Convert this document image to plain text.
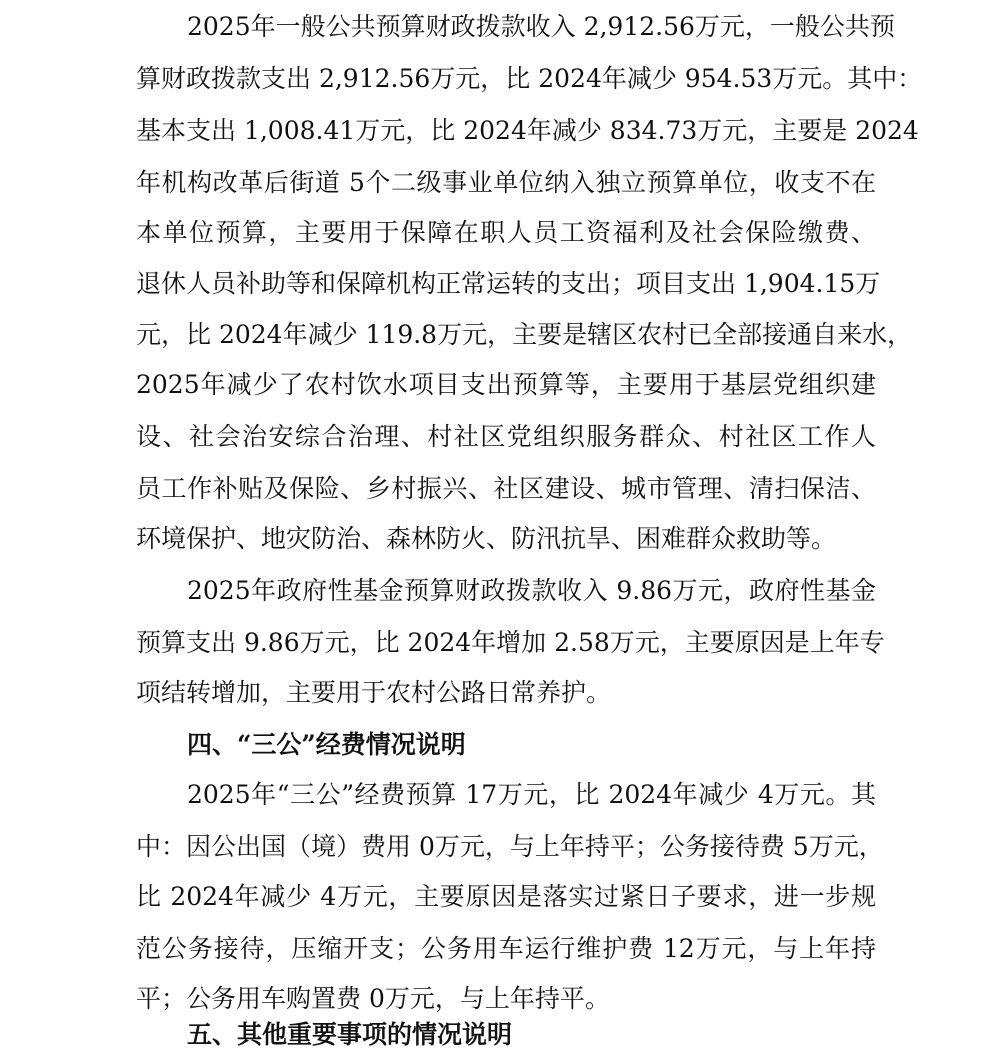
2025年一般公共预算财政拨款收入 2,912.56万元，一般公共预
算财政拨款支出 2,912.56万元，比 2024年减少 954.53万元。其中：
基本支出 1,008.41万元，比 2024年减少 834.73万元，主要是 2024
年机构改革后街道 5个二级事业单位纳入独立预算单位，收支不在
本单位预算，主要用于保障在职人员工资福利及社会保险缴费、
退休人员补助等和保障机构正常运转的支出；项目支出 1,904.15万
元，比 2024年减少 119.8万元，主要是辖区农村已全部接通自来水，
2025年减少了农村饮水项目支出预算等，主要用于基层党组织建
设、社会治安综合治理、村社区党组织服务群众、村社区工作人
员工作补贴及保险、乡村振兴、社区建设、城市管理、清扫保洁、
环境保护、地灾防治、森林防火、防汛抗旱、困难群众救助等。
2025年政府性基金预算财政拨款收入 9.86万元，政府性基金
预算支出 9.86万元，比 2024年增加 2.58万元，主要原因是上年专
项结转增加，主要用于农村公路日常养护。
四、“三公”经费情况说明
2025年“三公”经费预算 17万元，比 2024年减少 4万元。其
中：因公出国（境）费用 0万元，与上年持平；公务接待费 5万元，
比 2024年减少 4万元，主要原因是落实过紧日子要求，进一步规
范公务接待，压缩开支；公务用车运行维护费 12万元，与上年持
平；公务用车购置费 0万元，与上年持平。
五、其他重要事项的情况说明
